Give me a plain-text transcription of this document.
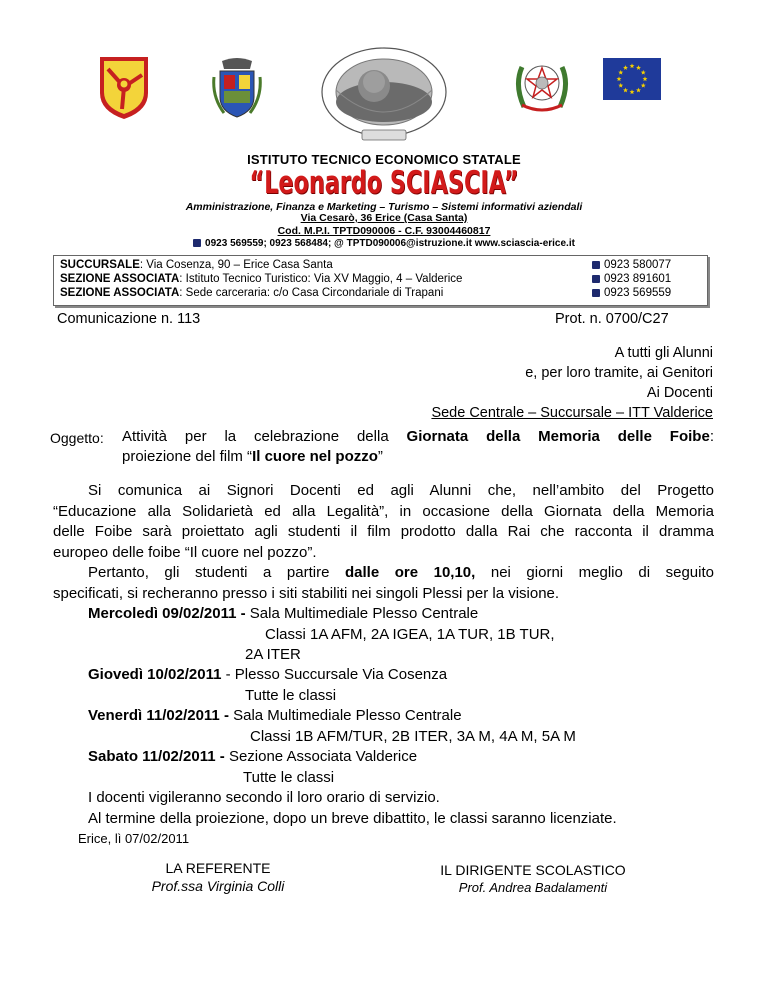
ISTITUTO TECNICO ECONOMICO STATALE
“Leonardo SCIASCIA”
Amministrazione, Finanza e Marketing – Turismo – Sistemi informativi aziendali
Via Cesarò, 36 Erice (Casa Santa)
Cod. M.P.I. TPTD090006 - C.F. 93004460817
0923 569559; 0923 568484; @ TPTD090006@istruzione.it www.sciascia-erice.it
SUCCURSALE: Via Cosenza, 90 – Erice Casa Santa
SEZIONE ASSOCIATA: Istituto Tecnico Turistico: Via XV Maggio, 4 – Valderice
SEZIONE ASSOCIATA: Sede carceraria: c/o Casa Circondariale di Trapani
0923 580077
0923 891601
0923 569559
Comunicazione n. 113	Prot. n. 0700/C27
A tutti gli Alunni
e, per loro tramite, ai Genitori
Ai Docenti
Sede Centrale – Succursale – ITT Valderice
Oggetto: Attività per la celebrazione della Giornata della Memoria delle Foibe:
proiezione del film “Il cuore nel pozzo”
Si comunica ai Signori Docenti ed agli Alunni che, nell’ambito del Progetto
“Educazione alla Solidarietà ed alla Legalità”, in occasione della Giornata della Memoria
delle Foibe sarà proiettato agli studenti il film prodotto dalla Rai che racconta il dramma
europeo delle foibe “Il cuore nel pozzo”.
Pertanto, gli studenti a partire dalle ore 10,10, nei giorni meglio di seguito
specificati, si recheranno presso i siti stabiliti nei singoli Plessi per la visione.
Mercoledì 09/02/2011 - Sala Multimediale Plesso Centrale
Classi 1A AFM, 2A IGEA, 1A TUR, 1B TUR,
2A ITER
Giovedì 10/02/2011 - Plesso Succursale Via Cosenza
Tutte le classi
Venerdì 11/02/2011 - Sala Multimediale Plesso Centrale
Classi 1B AFM/TUR, 2B ITER, 3A M, 4A M, 5A M
Sabato 11/02/2011 - Sezione Associata Valderice
Tutte le classi
I docenti vigileranno secondo il loro orario di servizio.
Al termine della proiezione, dopo un breve dibattito, le classi saranno licenziate.
Erice, lì 07/02/2011
LA REFERENTE
Prof.ssa Virginia Colli
IL DIRIGENTE SCOLASTICO
Prof. Andrea Badalamenti
